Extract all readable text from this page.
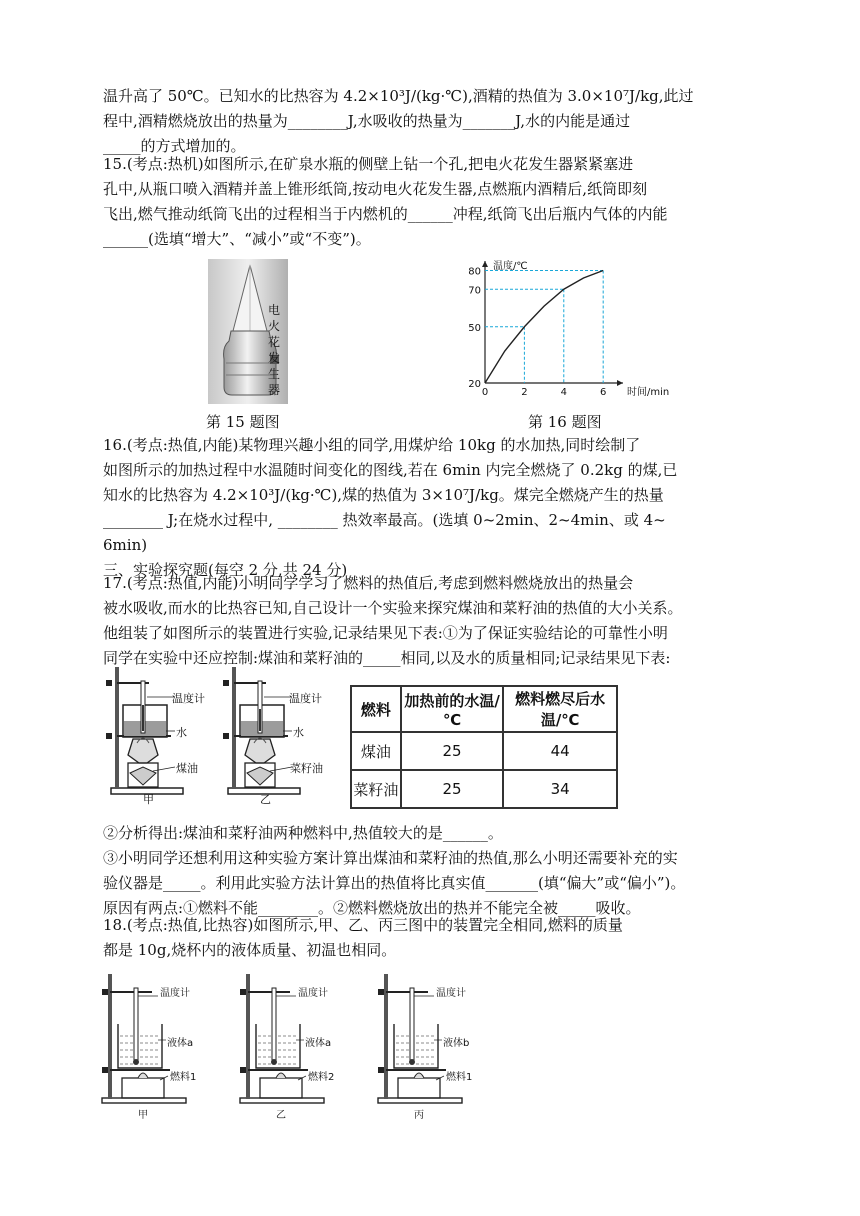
温升高了 50℃。已知水的比热容为 4.2×10³J/(kg·℃),酒精的热值为 3.0×10⁷J/kg,此过
程中,酒精燃烧放出的热量为________J,水吸收的热量为_______J,水的内能是通过
_____的方式增加的。
15.(考点:热机)如图所示,在矿泉水瓶的侧壁上钻一个孔,把电火花发生器紧紧塞进
孔中,从瓶口喷入酒精并盖上锥形纸筒,按动电火花发生器,点燃瓶内酒精后,纸筒即刻
飞出,燃气推动纸筒飞出的过程相当于内燃机的______冲程,纸筒飞出后瓶内气体的内能
______(选填“增大”、“减小”或“不变”)。
电火花发生器
第 15 题图
20
50
70
80
2	4	6
0
温度/℃
时间/min
第 16 题图
16.(考点:热值,内能)某物理兴趣小组的同学,用煤炉给 10kg 的水加热,同时绘制了
如图所示的加热过程中水温随时间变化的图线,若在 6min 内完全燃烧了 0.2kg 的煤,已
知水的比热容为 4.2×10³J/(kg·℃),煤的热值为 3×10⁷J/kg。煤完全燃烧产生的热量
________ J;在烧水过程中, ________ 热效率最高。(选填 0~2min、2~4min、或 4~
6min)
三、实验探究题(每空 2 分,共 24 分)
17.(考点:热值,内能)小明同学学习了燃料的热值后,考虑到燃料燃烧放出的热量会
被水吸收,而水的比热容已知,自己设计一个实验来探究煤油和菜籽油的热值的大小关系。
他组装了如图所示的装置进行实验,记录结果见下表:①为了保证实验结论的可靠性小明
同学在实验中还应控制:煤油和菜籽油的_____相同,以及水的质量相同;记录结果见下表:
温度计
水
煤油
甲
温度计
水
菜籽油
乙
燃料	加热前的水温/℃	燃料燃尽后水温/℃
煤油	25	44
菜籽油	25	34
②分析得出:煤油和菜籽油两种燃料中,热值较大的是______。
③小明同学还想利用这种实验方案计算出煤油和菜籽油的热值,那么小明还需要补充的实
验仪器是_____。利用此实验方法计算出的热值将比真实值_______(填“偏大”或“偏小”)。
原因有两点:①燃料不能________。②燃料燃烧放出的热并不能完全被_____吸收。
18.(考点:热值,比热容)如图所示,甲、乙、丙三图中的装置完全相同,燃料的质量
都是 10g,烧杯内的液体质量、初温也相同。
温度计
液体a
燃料1
甲
温度计
液体a
燃料2
乙
温度计
液体b
燃料1
丙
